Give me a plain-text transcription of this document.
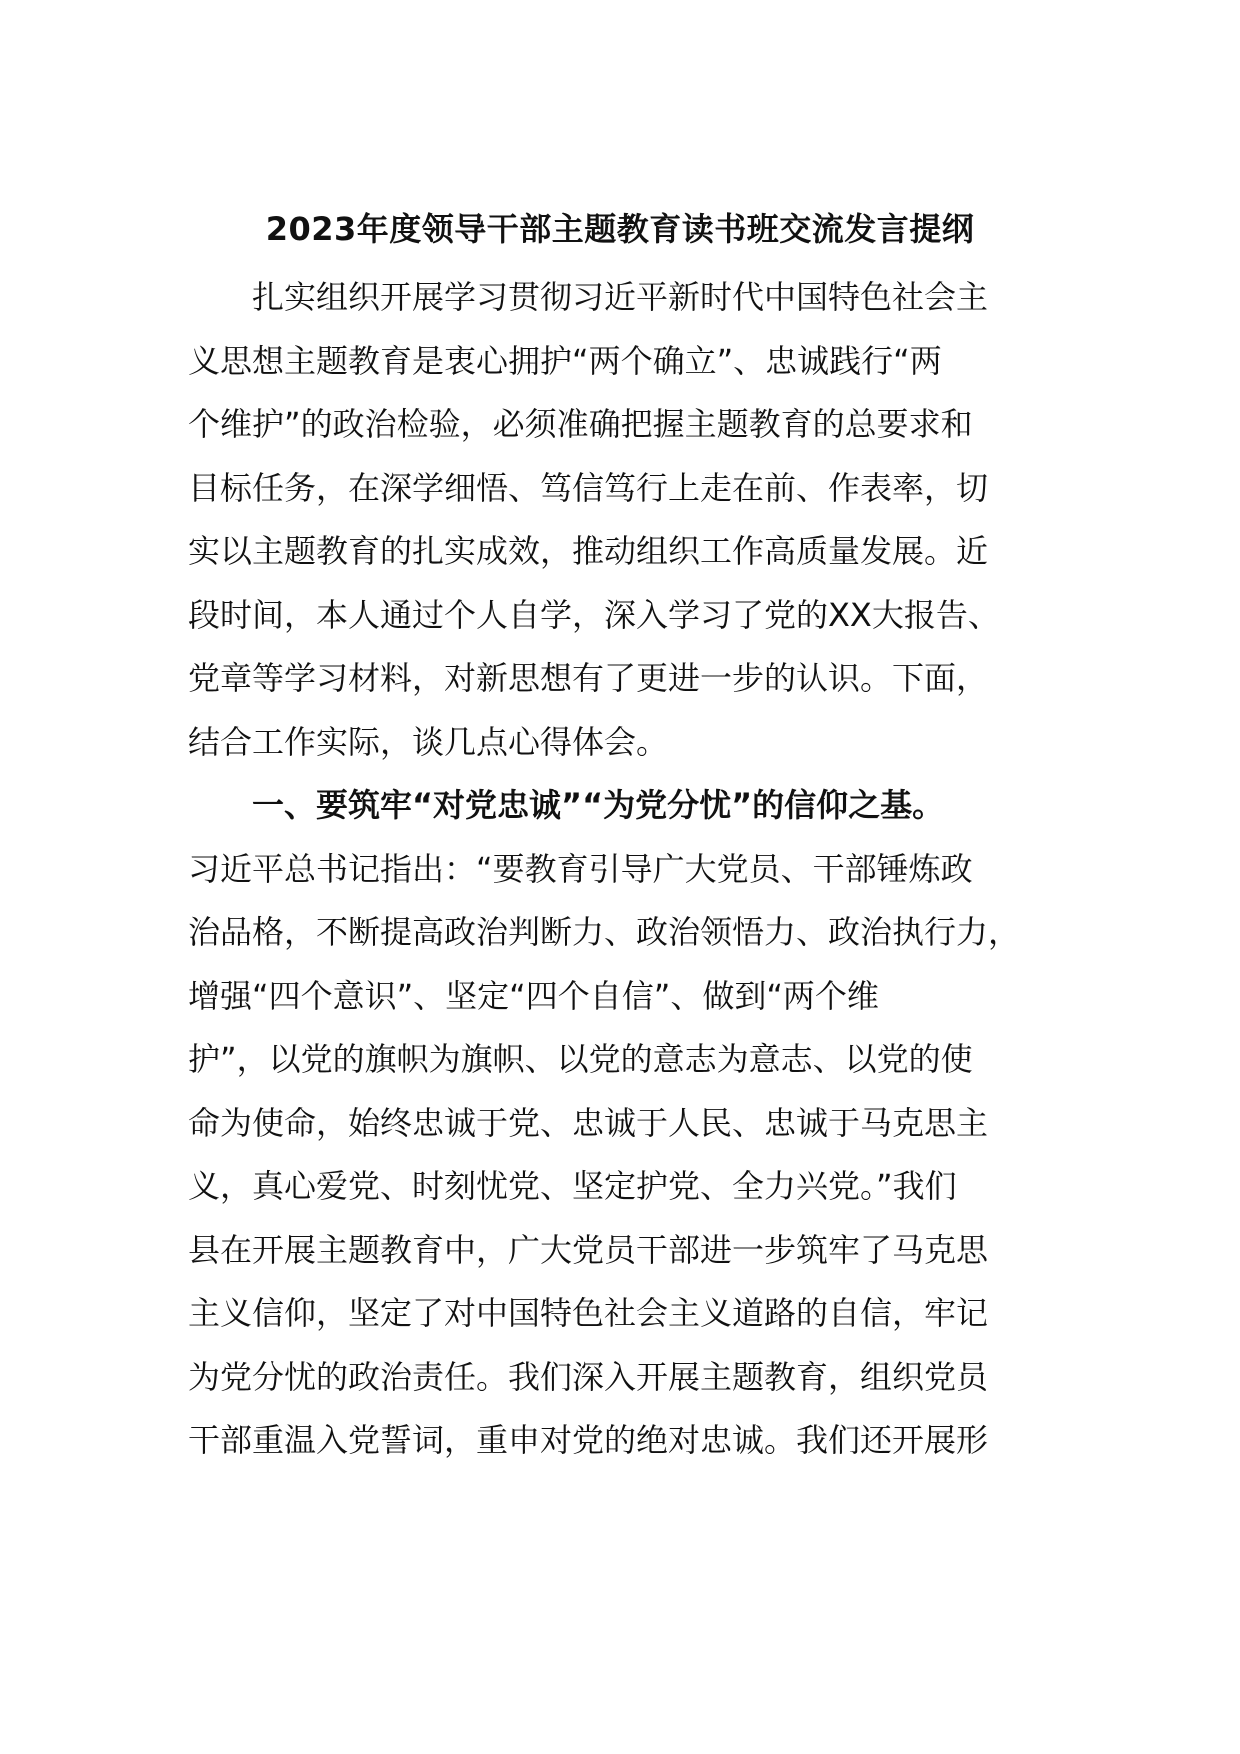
2023年度领导干部主题教育读书班交流发言提纲
扎实组织开展学习贯彻习近平新时代中国特色社会主
义思想主题教育是衷心拥护“两个确立”、忠诚践行“两
个维护”的政治检验，必须准确把握主题教育的总要求和
目标任务，在深学细悟、笃信笃行上走在前、作表率，切
实以主题教育的扎实成效，推动组织工作高质量发展。近
段时间，本人通过个人自学，深入学习了党的XX大报告、
党章等学习材料，对新思想有了更进一步的认识。下面，
结合工作实际，谈几点心得体会。
一、要筑牢“对党忠诚”“为党分忧”的信仰之基。
习近平总书记指出：“要教育引导广大党员、干部锤炼政
治品格，不断提高政治判断力、政治领悟力、政治执行力，
增强“四个意识”、坚定“四个自信”、做到“两个维
护”，以党的旗帜为旗帜、以党的意志为意志、以党的使
命为使命，始终忠诚于党、忠诚于人民、忠诚于马克思主
义，真心爱党、时刻忧党、坚定护党、全力兴党。”我们
县在开展主题教育中，广大党员干部进一步筑牢了马克思
主义信仰，坚定了对中国特色社会主义道路的自信，牢记
为党分忧的政治责任。我们深入开展主题教育，组织党员
干部重温入党誓词，重申对党的绝对忠诚。我们还开展形
